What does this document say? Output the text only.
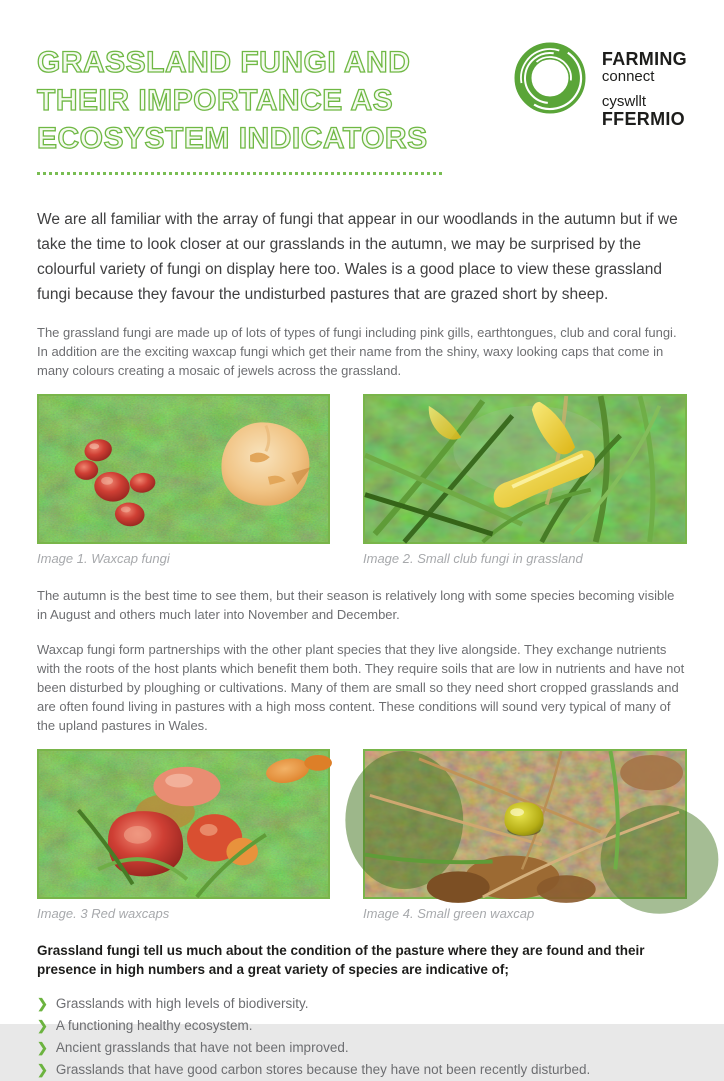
GRASSLAND FUNGI AND
THEIR IMPORTANCE AS
ECOSYSTEM INDICATORS
FARMING
connect
cyswllt
FFERMIO

We are all familiar with the array of fungi that appear in our woodlands in the autumn but if we take the time to look closer at our grasslands in the autumn, we may be surprised by the colourful variety of fungi on display here too. Wales is a good place to view these grassland fungi because they favour the undisturbed pastures that are grazed short by sheep.

The grassland fungi are made up of lots of types of fungi including pink gills, earthtongues, club and coral fungi. In addition are the exciting waxcap fungi which get their name from the shiny, waxy looking caps that come in many colours creating a mosaic of jewels across the grassland.

Image 1. Waxcap fungi	Image 2. Small club fungi in grassland

The autumn is the best time to see them, but their season is relatively long with some species becoming visible in August and others much later into November and December.

Waxcap fungi form partnerships with the other plant species that they live alongside. They exchange nutrients with the roots of the host plants which benefit them both. They require soils that are low in nutrients and have not been disturbed by ploughing or cultivations. Many of them are small so they need short cropped grasslands and are often found living in pastures with a high moss content. These conditions will sound very typical of many of the upland pastures in Wales.

Image. 3 Red waxcaps	Image 4. Small green waxcap

Grassland fungi tell us much about the condition of the pasture where they are found and their presence in high numbers and a great variety of species are indicative of;

❯ Grasslands with high levels of biodiversity.
❯ A functioning healthy ecosystem.
❯ Ancient grasslands that have not been improved.
❯ Grasslands that have good carbon stores because they have not been recently disturbed.
